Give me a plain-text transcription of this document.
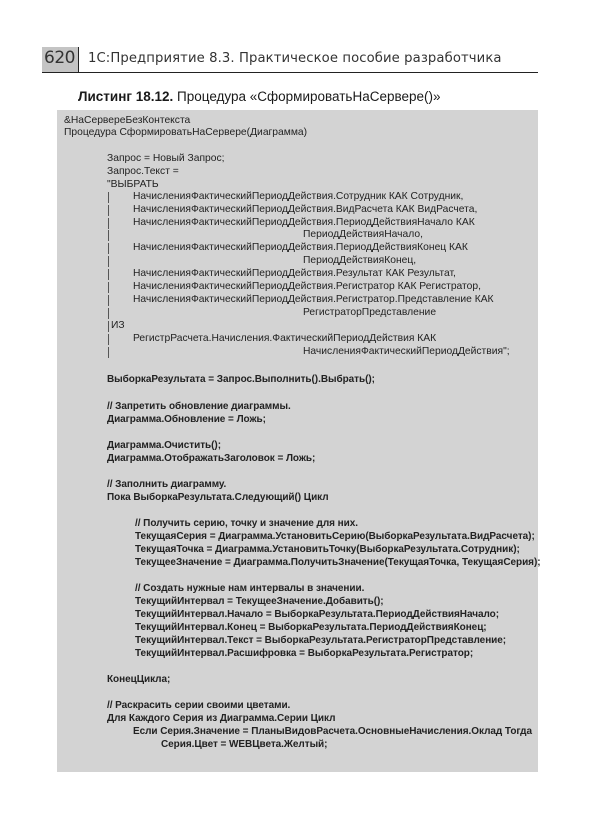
620 1С:Предприятие 8.3. Практическое пособие разработчика
Листинг 18.12. Процедура «СформироватьНаСервере()»
&НаСервереБезКонтекста
Процедура СформироватьНаСервере(Диаграмма)
Запрос = Новый Запрос;
Запрос.Текст =
"ВЫБРАТЬ
НачисленияФактическийПериодДействия.Сотрудник КАК Сотрудник,
НачисленияФактическийПериодДействия.ВидРасчета КАК ВидРасчета,
НачисленияФактическийПериодДействия.ПериодДействияНачало КАК
ПериодДействияНачало,
НачисленияФактическийПериодДействия.ПериодДействияКонец КАК
ПериодДействияКонец,
НачисленияФактическийПериодДействия.Результат КАК Результат,
НачисленияФактическийПериодДействия.Регистратор КАК Регистратор,
НачисленияФактическийПериодДействия.Регистратор.Представление КАК
РегистраторПредставление
ИЗ
РегистрРасчета.Начисления.ФактическийПериодДействия КАК
НачисленияФактическийПериодДействия";
ВыборкаРезультата = Запрос.Выполнить().Выбрать();
// Запретить обновление диаграммы.
Диаграмма.Обновление = Ложь;
Диаграмма.Очистить();
Диаграмма.ОтображатьЗаголовок = Ложь;
// Заполнить диаграмму.
Пока ВыборкаРезультата.Следующий() Цикл
// Получить серию, точку и значение для них.
ТекущаяСерия = Диаграмма.УстановитьСерию(ВыборкаРезультата.ВидРасчета);
ТекущаяТочка = Диаграмма.УстановитьТочку(ВыборкаРезультата.Сотрудник);
ТекущееЗначение = Диаграмма.ПолучитьЗначение(ТекущаяТочка, ТекущаяСерия);
// Создать нужные нам интервалы в значении.
ТекущийИнтервал = ТекущееЗначение.Добавить();
ТекущийИнтервал.Начало = ВыборкаРезультата.ПериодДействияНачало;
ТекущийИнтервал.Конец = ВыборкаРезультата.ПериодДействияКонец;
ТекущийИнтервал.Текст = ВыборкаРезультата.РегистраторПредставление;
ТекущийИнтервал.Расшифровка = ВыборкаРезультата.Регистратор;
КонецЦикла;
// Раскрасить серии своими цветами.
Для Каждого Серия из Диаграмма.Серии Цикл
Если Серия.Значение = ПланыВидовРасчета.ОсновныеНачисления.Оклад Тогда
Серия.Цвет = WEBЦвета.Желтый;
